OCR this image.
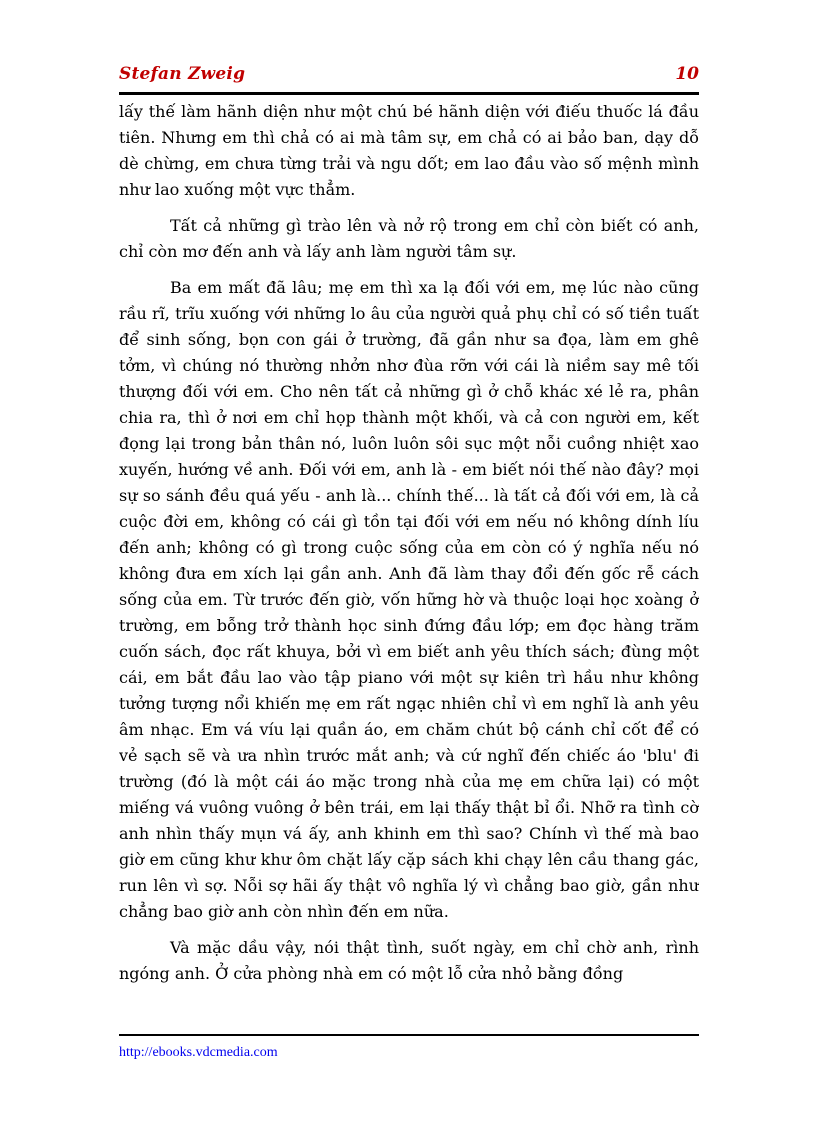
Stefan Zweig	10

lấy thế làm hãnh diện như một chú bé hãnh diện với điếu thuốc lá đầu tiên. Nhưng em thì chả có ai mà tâm sự, em chả có ai bảo ban, dạy dỗ dè chừng, em chưa từng trải và ngu dốt; em lao đầu vào số mệnh mình như lao xuống một vực thẳm.

Tất cả những gì trào lên và nở rộ trong em chỉ còn biết có anh, chỉ còn mơ đến anh và lấy anh làm người tâm sự.

Ba em mất đã lâu; mẹ em thì xa lạ đối với em, mẹ lúc nào cũng rầu rĩ, trĩu xuống với những lo âu của người quả phụ chỉ có số tiền tuất để sinh sống, bọn con gái ở trường, đã gần như sa đọa, làm em ghê tởm, vì chúng nó thường nhởn nhơ đùa rỡn với cái là niềm say mê tối thượng đối với em. Cho nên tất cả những gì ở chỗ khác xé lẻ ra, phân chia ra, thì ở nơi em chỉ họp thành một khối, và cả con người em, kết đọng lại trong bản thân nó, luôn luôn sôi sục một nỗi cuồng nhiệt xao xuyến, hướng về anh. Đối với em, anh là - em biết nói thế nào đây? mọi sự so sánh đều quá yếu - anh là... chính thế... là tất cả đối với em, là cả cuộc đời em, không có cái gì tồn tại đối với em nếu nó không dính líu đến anh; không có gì trong cuộc sống của em còn có ý nghĩa nếu nó không đưa em xích lại gần anh. Anh đã làm thay đổi đến gốc rễ cách sống của em. Từ trước đến giờ, vốn hững hờ và thuộc loại học xoàng ở trường, em bỗng trở thành học sinh đứng đầu lớp; em đọc hàng trăm cuốn sách, đọc rất khuya, bởi vì em biết anh yêu thích sách; đùng một cái, em bắt đầu lao vào tập piano với một sự kiên trì hầu như không tưởng tượng nổi khiến mẹ em rất ngạc nhiên chỉ vì em nghĩ là anh yêu âm nhạc. Em vá víu lại quần áo, em chăm chút bộ cánh chỉ cốt để có vẻ sạch sẽ và ưa nhìn trước mắt anh; và cứ nghĩ đến chiếc áo 'blu' đi trường (đó là một cái áo mặc trong nhà của mẹ em chữa lại) có một miếng vá vuông vuông ở bên trái, em lại thấy thật bỉ ổi. Nhỡ ra tình cờ anh nhìn thấy mụn vá ấy, anh khinh em thì sao? Chính vì thế mà bao giờ em cũng khư khư ôm chặt lấy cặp sách khi chạy lên cầu thang gác, run lên vì sợ. Nỗi sợ hãi ấy thật vô nghĩa lý vì chẳng bao giờ, gần như chẳng bao giờ anh còn nhìn đến em nữa.

Và mặc dầu vậy, nói thật tình, suốt ngày, em chỉ chờ anh, rình ngóng anh. Ở cửa phòng nhà em có một lỗ cửa nhỏ bằng đồng

http://ebooks.vdcmedia.com
